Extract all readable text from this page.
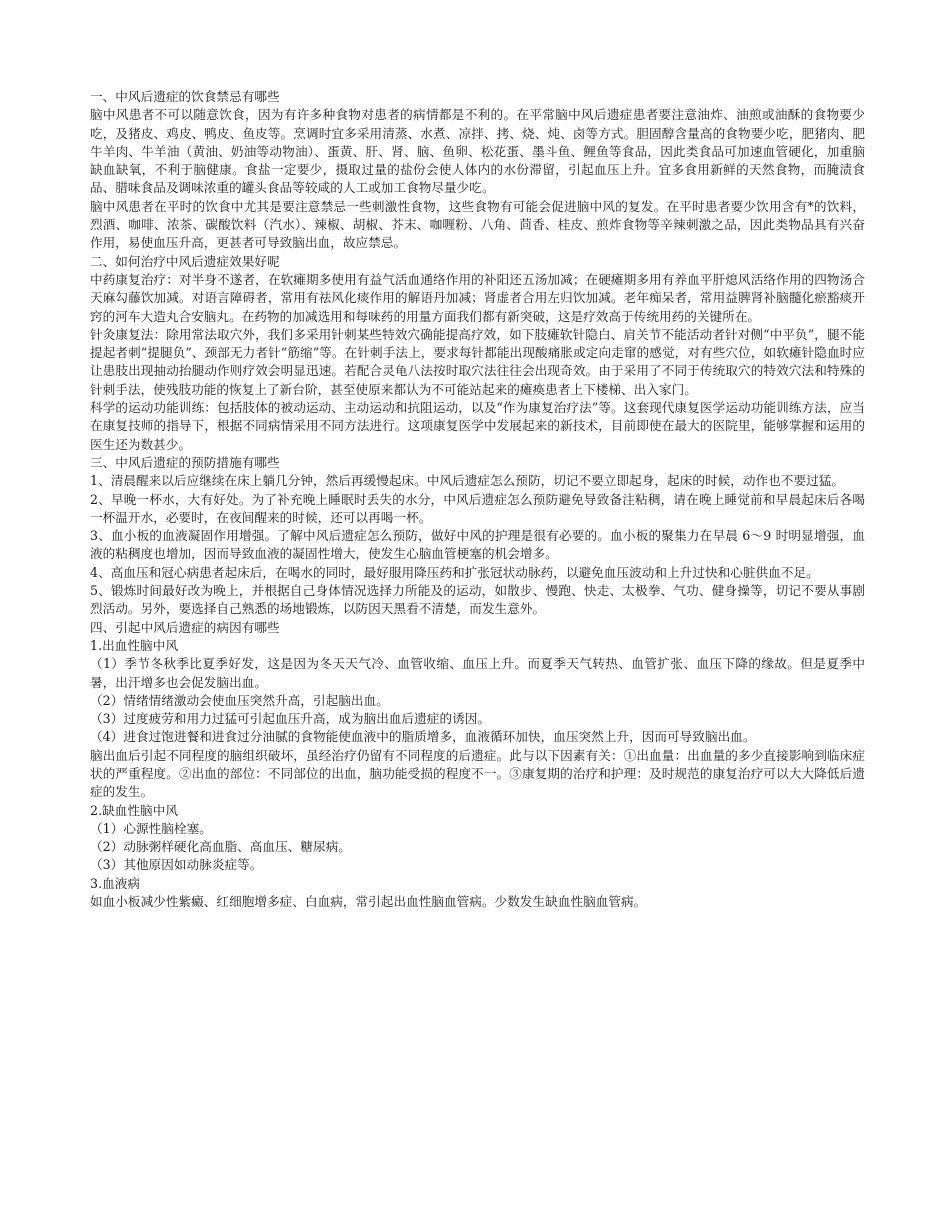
一、中风后遗症的饮食禁忌有哪些

脑中风患者不可以随意饮食，因为有许多种食物对患者的病情都是不利的。在平常脑中风后遗症患者要注意油炸、油煎或油酥的食物要少吃，及猪皮、鸡皮、鸭皮、鱼皮等。烹调时宜多采用清蒸、水煮、凉拌、拷、烧、炖、卤等方式。胆固醇含量高的食物要少吃，肥猪肉、肥牛羊肉、牛羊油（黄油、奶油等动物油）、蛋黄、肝、肾、脑、鱼卵、松花蛋、墨斗鱼、鲤鱼等食品，因此类食品可加速血管硬化，加重脑缺血缺氧，不利于脑健康。食盐一定要少，摄取过量的盐份会使人体内的水份滞留，引起血压上升。宜多食用新鲜的天然食物，而腌渍食品、腊味食品及调味浓重的罐头食品等较咸的人工或加工食物尽量少吃。

脑中风患者在平时的饮食中尤其是要注意禁忌一些刺激性食物，这些食物有可能会促进脑中风的复发。在平时患者要少饮用含有*的饮料，烈酒、咖啡、浓茶、碳酸饮料（汽水）、辣椒、胡椒、芥末、咖喱粉、八角、茴香、桂皮、煎炸食物等辛辣刺激之品，因此类物品具有兴奋作用，易使血压升高，更甚者可导致脑出血，故应禁忌。

二、如何治疗中风后遗症效果好呢

中药康复治疗：对半身不遂者，在软瘫期多使用有益气活血通络作用的补阳还五汤加减；在硬瘫期多用有养血平肝熄风活络作用的四物汤合天麻勾藤饮加减。对语言障碍者，常用有祛风化痰作用的解语丹加减；肾虚者合用左归饮加减。老年痴呆者，常用益脾肾补脑髓化瘀豁痰开窍的河车大造丸合安脑丸。在药物的加减选用和每味药的用量方面我们都有新突破，这是疗效高于传统用药的关键所在。

针灸康复法：除用常法取穴外，我们多采用针刺某些特效穴确能提高疗效，如下肢瘫软针隐白、肩关节不能活动者针对侧“中平负”，腿不能提起者刺“提腿负”、颈部无力者针“筋缩”等。在针刺手法上，要求每针都能出现酸痛胀或定向走窜的感觉，对有些穴位，如软瘫针隐血时应让患肢出现抽动抬腿动作则疗效会明显迅速。若配合灵龟八法按时取穴法往往会出现奇效。由于采用了不同于传统取穴的特效穴法和特殊的针刺手法，使残肢功能的恢复上了新台阶，甚至使原来都认为不可能站起来的瘫痪患者上下楼梯、出入家门。

科学的运动功能训练：包括肢体的被动运动、主动运动和抗阻运动，以及“作为康复治疗法”等。这套现代康复医学运动功能训练方法，应当在康复技师的指导下，根据不同病情采用不同方法进行。这项康复医学中发展起来的新技术，目前即使在最大的医院里，能够掌握和运用的医生还为数甚少。

三、中风后遗症的预防措施有哪些

1、清晨醒来以后应继续在床上躺几分钟，然后再缓慢起床。中风后遗症怎么预防，切记不要立即起身，起床的时候，动作也不要过猛。

2、早晚一杯水，大有好处。为了补充晚上睡眠时丢失的水分，中风后遗症怎么预防避免导致备注粘稠，请在晚上睡觉前和早晨起床后各喝一杯温开水，必要时，在夜间醒来的时候，还可以再喝一杯。

3、血小板的血液凝固作用增强。了解中风后遗症怎么预防，做好中风的护理是很有必要的。血小板的聚集力在早晨 6～9 时明显增强，血液的粘稠度也增加，因而导致血液的凝固性增大，使发生心脑血管梗塞的机会增多。

4、高血压和冠心病患者起床后，在喝水的同时，最好服用降压药和扩张冠状动脉药，以避免血压波动和上升过快和心脏供血不足。

5、锻炼时间最好改为晚上，并根据自己身体情况选择力所能及的运动，如散步、慢跑、快走、太极拳、气功、健身操等，切记不要从事剧烈活动。另外，要选择自己熟悉的场地锻炼，以防因天黑看不清楚，而发生意外。

四、引起中风后遗症的病因有哪些

1.出血性脑中风

（1）季节冬秋季比夏季好发，这是因为冬天天气冷、血管收缩、血压上升。而夏季天气转热、血管扩张、血压下降的缘故。但是夏季中暑，出汗增多也会促发脑出血。

（2）情绪情绪激动会使血压突然升高，引起脑出血。

（3）过度疲劳和用力过猛可引起血压升高，成为脑出血后遗症的诱因。

（4）进食过饱进餐和进食过分油腻的食物能使血液中的脂质增多，血液循环加快，血压突然上升，因而可导致脑出血。

脑出血后引起不同程度的脑组织破坏，虽经治疗仍留有不同程度的后遗症。此与以下因素有关：①出血量：出血量的多少直接影响到临床症状的严重程度。②出血的部位：不同部位的出血，脑功能受损的程度不一。③康复期的治疗和护理：及时规范的康复治疗可以大大降低后遗症的发生。

2.缺血性脑中风

（1）心源性脑栓塞。

（2）动脉粥样硬化高血脂、高血压、糖尿病。

（3）其他原因如动脉炎症等。

3.血液病

如血小板减少性紫癜、红细胞增多症、白血病，常引起出血性脑血管病。少数发生缺血性脑血管病。
